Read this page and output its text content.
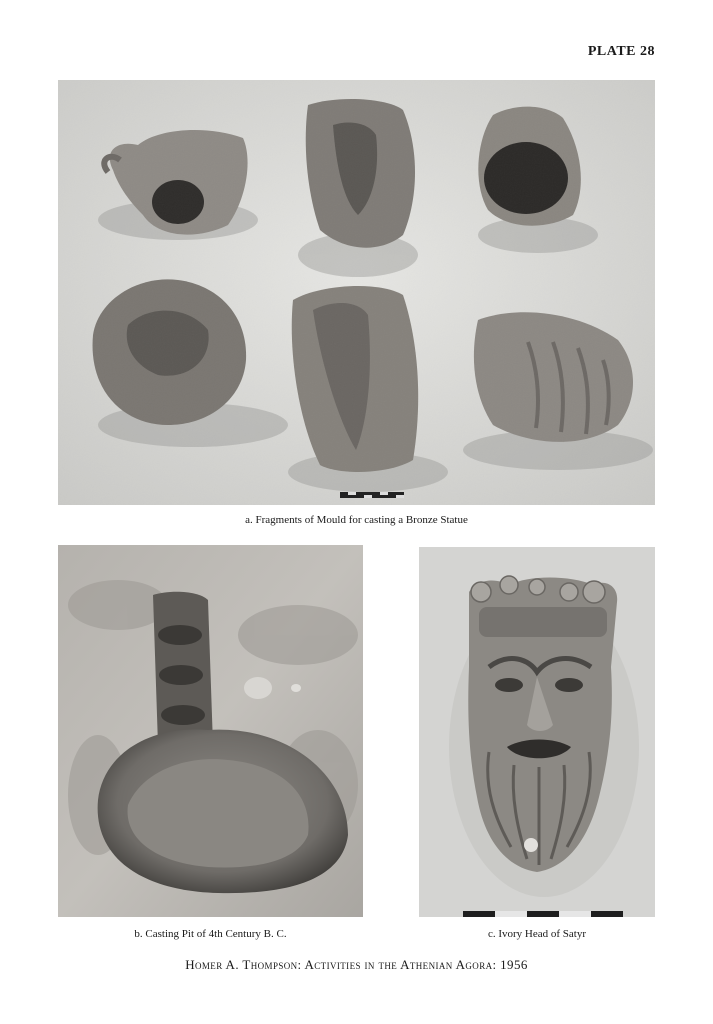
PLATE 28
a. Fragments of Mould for casting a Bronze Statue
b. Casting Pit of 4th Century B. C.	c. Ivory Head of Satyr
Homer A. Thompson: Activities in the Athenian Agora: 1956
